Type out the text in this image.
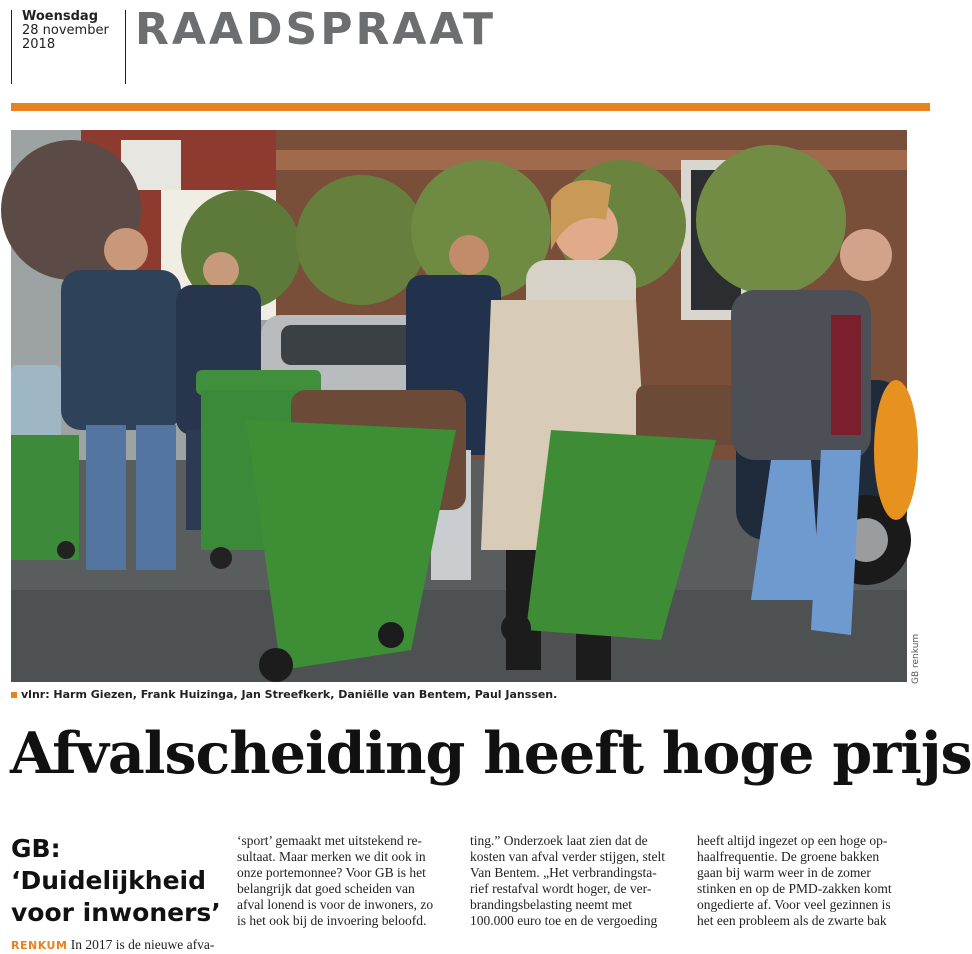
Woensdag
28 november
2018	RAADSPRAAT
GB renkum
vlnr: Harm Giezen, Frank Huizinga, Jan Streefkerk, Daniëlle van Bentem, Paul Janssen.
Afvalscheiding heeft hoge prijs
GB: ‘Duidelijkheid voor inwoners’
RENKUM In 2017 is de nieuwe afva-

‘sport’ gemaakt met uitstekend re-
sultaat. Maar merken we dit ook in
onze portemonnee? Voor GB is het
belangrijk dat goed scheiden van
afval lonend is voor de inwoners, zo
is het ook bij de invoering beloofd.

ting.” Onderzoek laat zien dat de
kosten van afval verder stijgen, stelt
Van Bentem. „Het verbrandingsta-
rief restafval wordt hoger, de ver-
brandingsbelasting neemt met
100.000 euro toe en de vergoeding

heeft altijd ingezet op een hoge op-
haalfrequentie. De groene bakken
gaan bij warm weer in de zomer
stinken en op de PMD-zakken komt
ongedierte af. Voor veel gezinnen is
het een probleem als de zwarte bak
